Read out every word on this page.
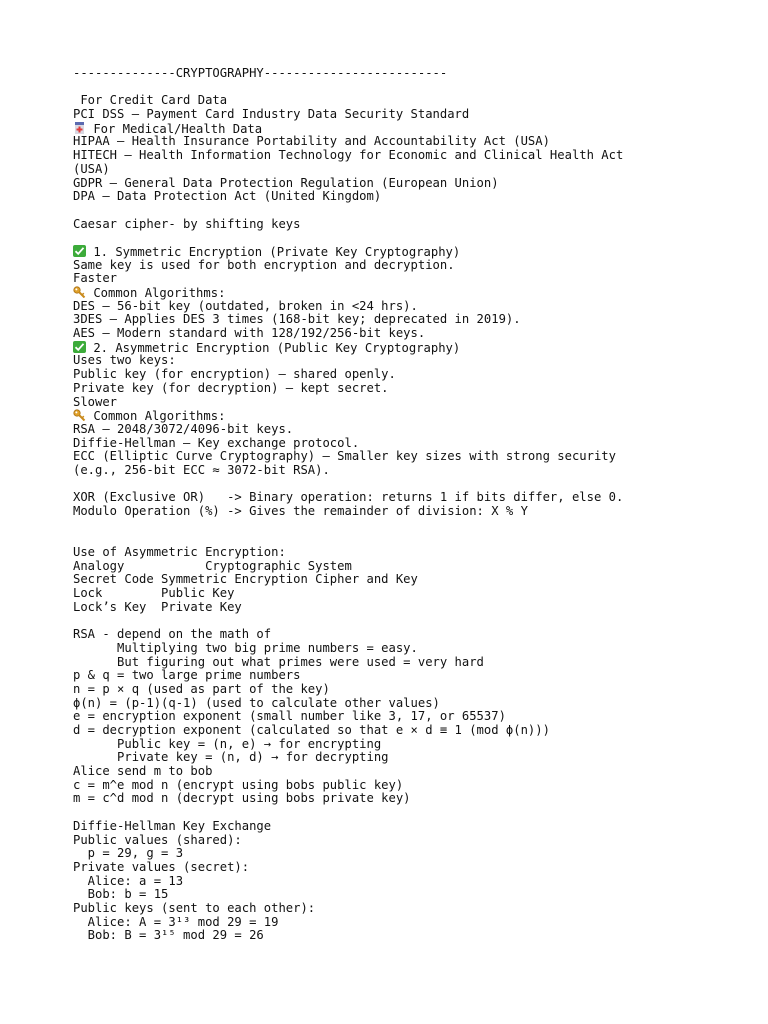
--------------CRYPTOGRAPHY-------------------------
For Credit Card Data
PCI DSS – Payment Card Industry Data Security Standard
For Medical/Health Data
HIPAA – Health Insurance Portability and Accountability Act (USA)
HITECH – Health Information Technology for Economic and Clinical Health Act
(USA)
GDPR – General Data Protection Regulation (European Union)
DPA – Data Protection Act (United Kingdom)
Caesar cipher- by shifting keys
1. Symmetric Encryption (Private Key Cryptography)
Same key is used for both encryption and decryption.
Faster
Common Algorithms:
DES – 56-bit key (outdated, broken in <24 hrs).
3DES – Applies DES 3 times (168-bit key; deprecated in 2019).
AES – Modern standard with 128/192/256-bit keys.
2. Asymmetric Encryption (Public Key Cryptography)
Uses two keys:
Public key (for encryption) – shared openly.
Private key (for decryption) – kept secret.
Slower
Common Algorithms:
RSA – 2048/3072/4096-bit keys.
Diffie-Hellman – Key exchange protocol.
ECC (Elliptic Curve Cryptography) – Smaller key sizes with strong security
(e.g., 256-bit ECC ≈ 3072-bit RSA).
XOR (Exclusive OR)   -> Binary operation: returns 1 if bits differ, else 0.
Modulo Operation (%) -> Gives the remainder of division: X % Y
Use of Asymmetric Encryption:
Analogy           Cryptographic System
Secret Code Symmetric Encryption Cipher and Key
Lock        Public Key
Lock’s Key  Private Key
RSA - depend on the math of
Multiplying two big prime numbers = easy.
But figuring out what primes were used = very hard
p & q = two large prime numbers
n = p × q (used as part of the key)
ϕ(n) = (p-1)(q-1) (used to calculate other values)
e = encryption exponent (small number like 3, 17, or 65537)
d = decryption exponent (calculated so that e × d ≡ 1 (mod ϕ(n)))
Public key = (n, e) → for encrypting
Private key = (n, d) → for decrypting
Alice send m to bob
c = m^e mod n (encrypt using bobs public key)
m = c^d mod n (decrypt using bobs private key)
Diffie-Hellman Key Exchange
Public values (shared):
p = 29, g = 3
Private values (secret):
Alice: a = 13
Bob: b = 15
Public keys (sent to each other):
Alice: A = 3¹³ mod 29 = 19
Bob: B = 3¹⁵ mod 29 = 26
